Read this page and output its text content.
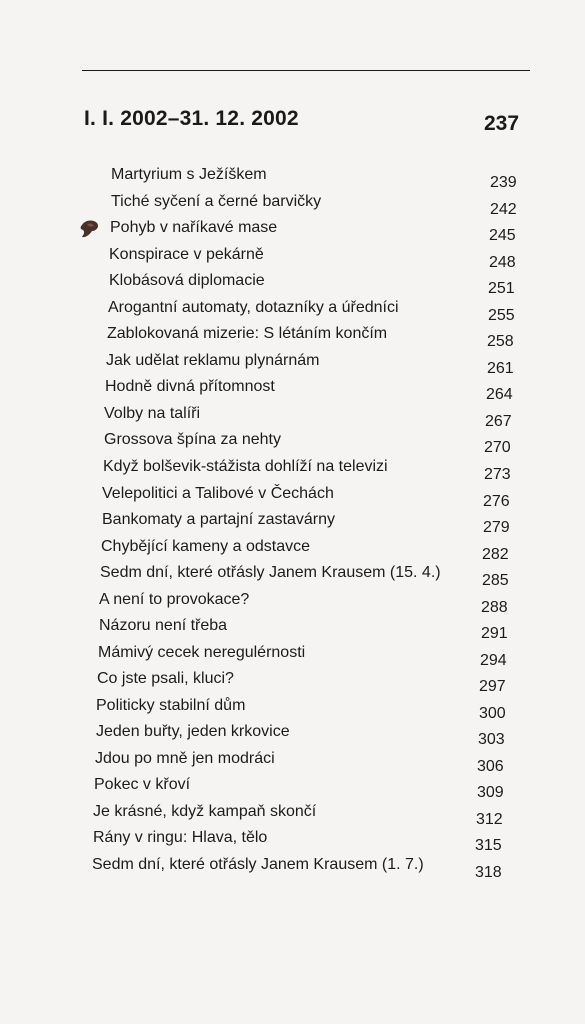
I. I. 2002–31. 12. 2002	237
Martyrium s Ježíškem	239
Tiché syčení a černé barvičky	242
Pohyb v naříkavé mase	245
Konspirace v pekárně	248
Klobásová diplomacie	251
Arogantní automaty, dotazníky a úředníci	255
Zablokovaná mizerie: S létáním končím	258
Jak udělat reklamu plynárnám	261
Hodně divná přítomnost	264
Volby na talíři	267
Grossova špína za nehty	270
Když bolševik-stážista dohlíží na televizi	273
Velepolitici a Talibové v Čechách	276
Bankomaty a partajní zastavárny	279
Chybějící kameny a odstavce	282
Sedm dní, které otřásly Janem Krausem (15. 4.)	285
A není to provokace?	288
Názoru není třeba	291
Mámivý cecek neregulérnosti	294
Co jste psali, kluci?	297
Politicky stabilní dům	300
Jeden buřty, jeden krkovice	303
Jdou po mně jen modráci	306
Pokec v křoví	309
Je krásné, když kampaň skončí	312
Rány v ringu: Hlava, tělo	315
Sedm dní, které otřásly Janem Krausem (1. 7.)	318
